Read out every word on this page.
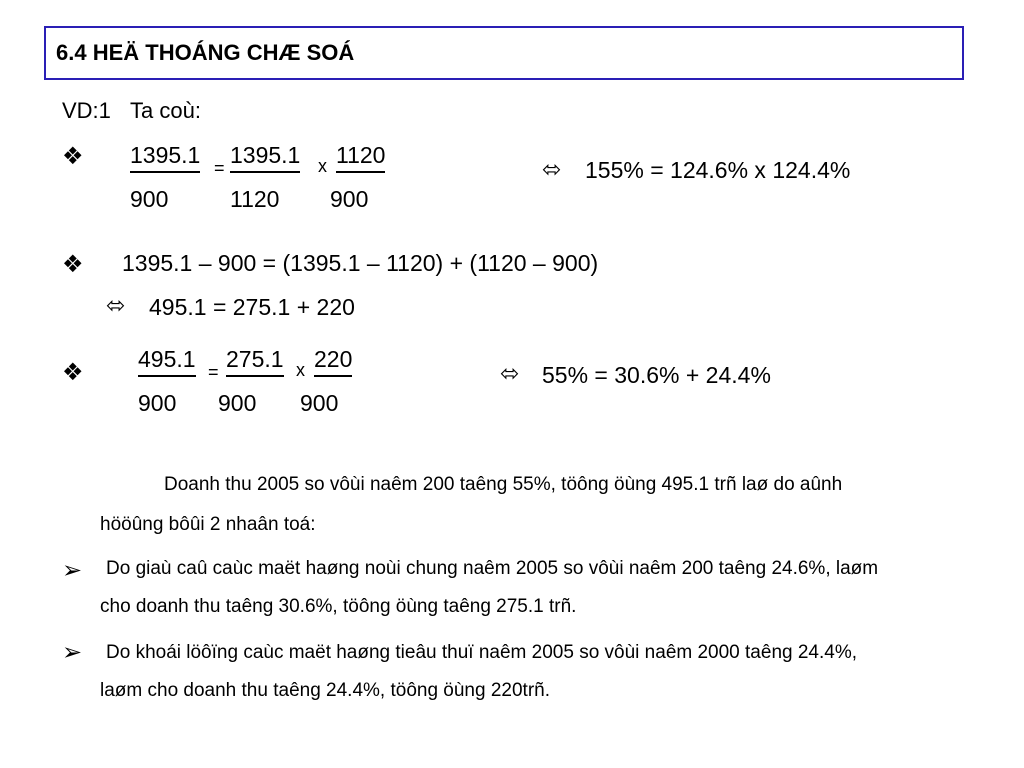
6.4 HEÄ THOÁNG CHÆ SOÁ
VD:1 Ta coù:
❖ 1395.1
900
= 1395.1
1120
x 1120
900
⬄ 155% = 124.6% x 124.4%
❖ 1395.1 – 900 = (1395.1 – 1120) + (1120 – 900)
⬄ 495.1 = 275.1 + 220
❖ 495.1
900
= 275.1
900
x 220
900
⬄ 55% = 30.6% + 24.4%
Doanh thu 2005 so vôùi naêm 200 taêng 55%, töông öùng 495.1 trñ laø do aûnh
hööûng bôûi 2 nhaân toá:
➢ Do giaù caû caùc maët haøng noùi chung naêm 2005 so vôùi naêm 200 taêng 24.6%, laøm
cho doanh thu taêng 30.6%, töông öùng taêng 275.1 trñ.
➢ Do khoái löôïng caùc maët haøng tieâu thuï naêm 2005 so vôùi naêm 2000 taêng 24.4%,
laøm cho doanh thu taêng 24.4%, töông öùng 220trñ.
